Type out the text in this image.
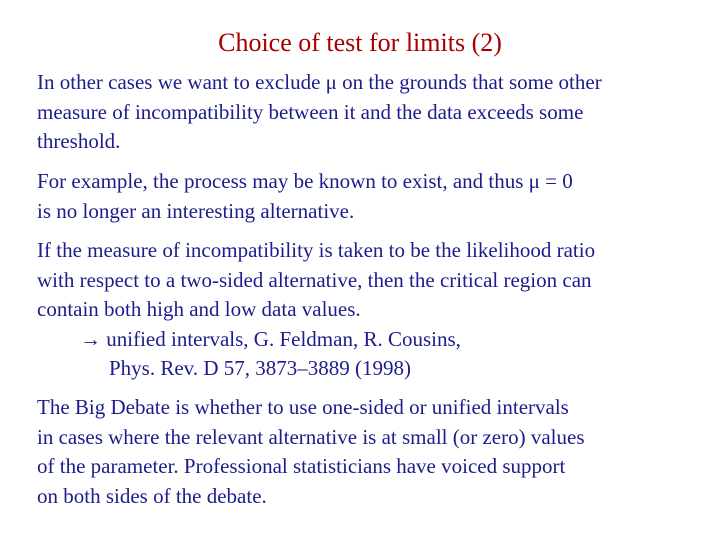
Choice of test for limits (2)
In other cases we want to exclude μ on the grounds that some other
measure of incompatibility between it and the data exceeds some
threshold.
For example, the process may be known to exist, and thus μ = 0
is no longer an interesting alternative.
If the measure of incompatibility is taken to be the likelihood ratio
with respect to a two-sided alternative, then the critical region can
contain both high and low data values.
→ unified intervals, G. Feldman, R. Cousins,
Phys. Rev. D 57, 3873–3889 (1998)
The Big Debate is whether to use one-sided or unified intervals
in cases where the relevant alternative is at small (or zero) values
of the parameter. Professional statisticians have voiced support
on both sides of the debate.
